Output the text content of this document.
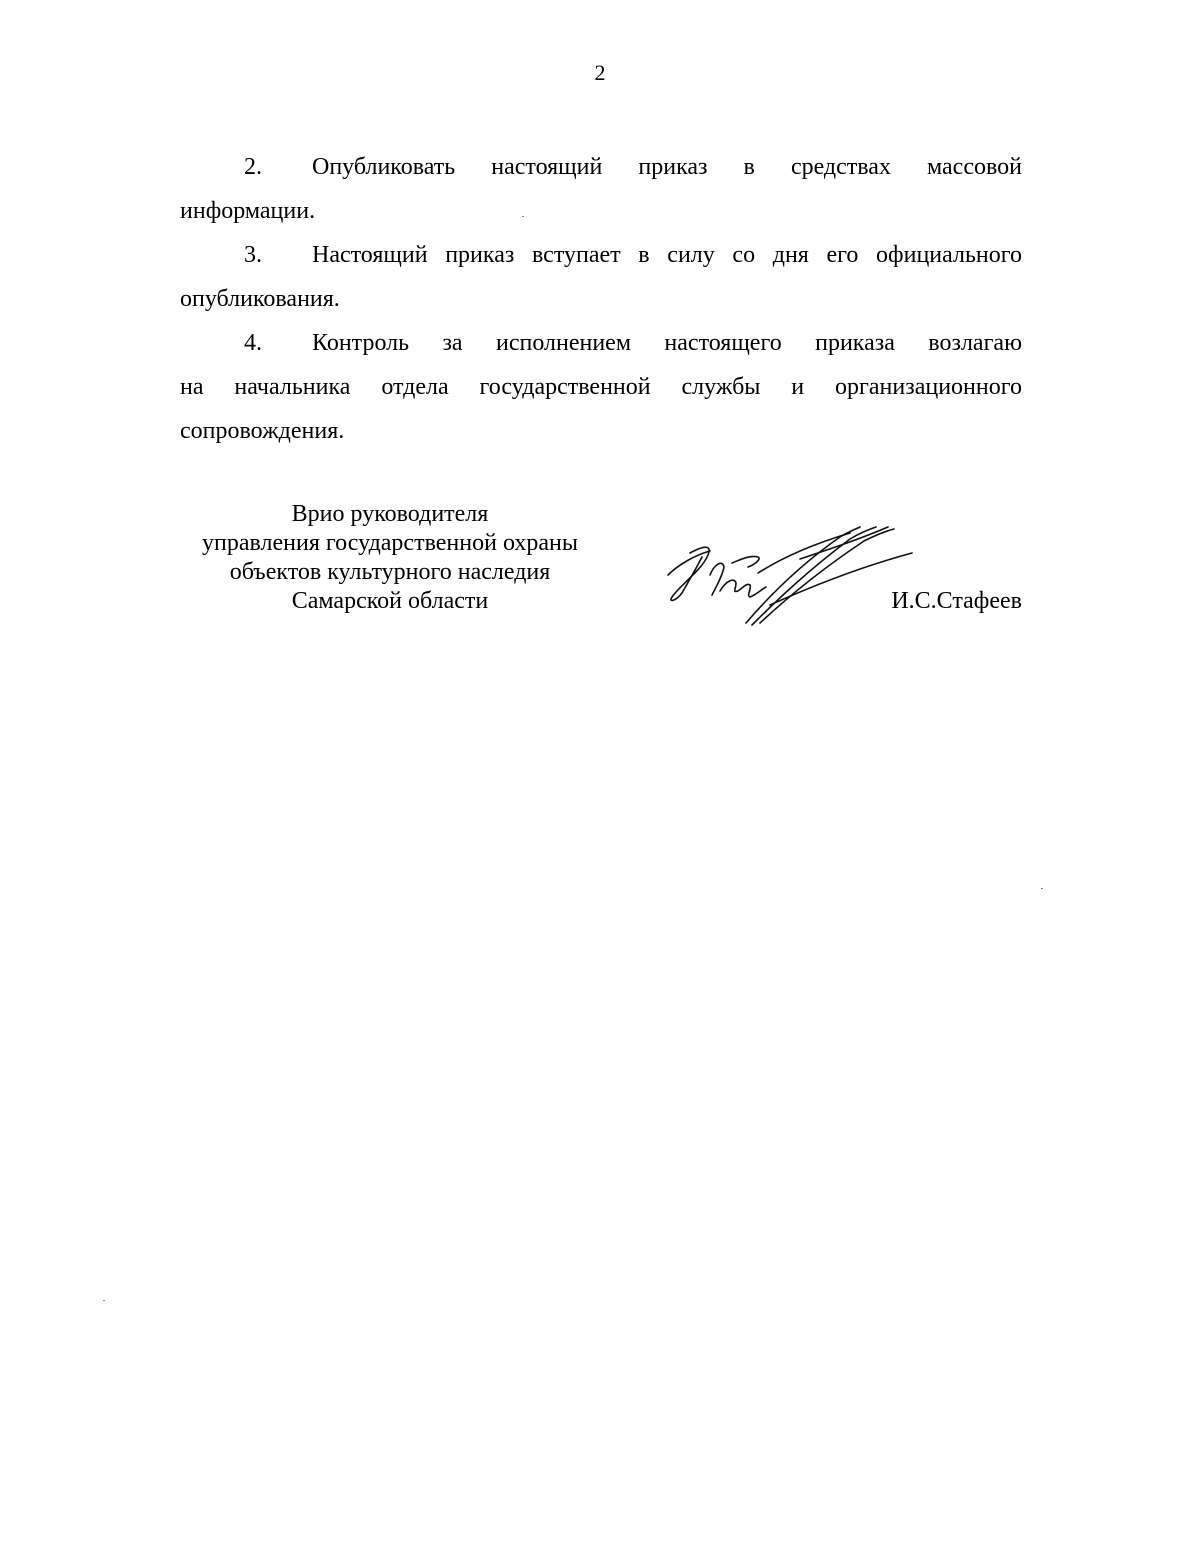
2

2. Опубликовать настоящий приказ в средствах массовой
информации.

3. Настоящий приказ вступает в силу со дня его официального
опубликования.

4. Контроль за исполнением настоящего приказа возлагаю
на начальника отдела государственной службы и организационного
сопровождения.

Врио руководителя
управления государственной охраны
объектов культурного наследия
Самарской области	И.С.Стафеев
